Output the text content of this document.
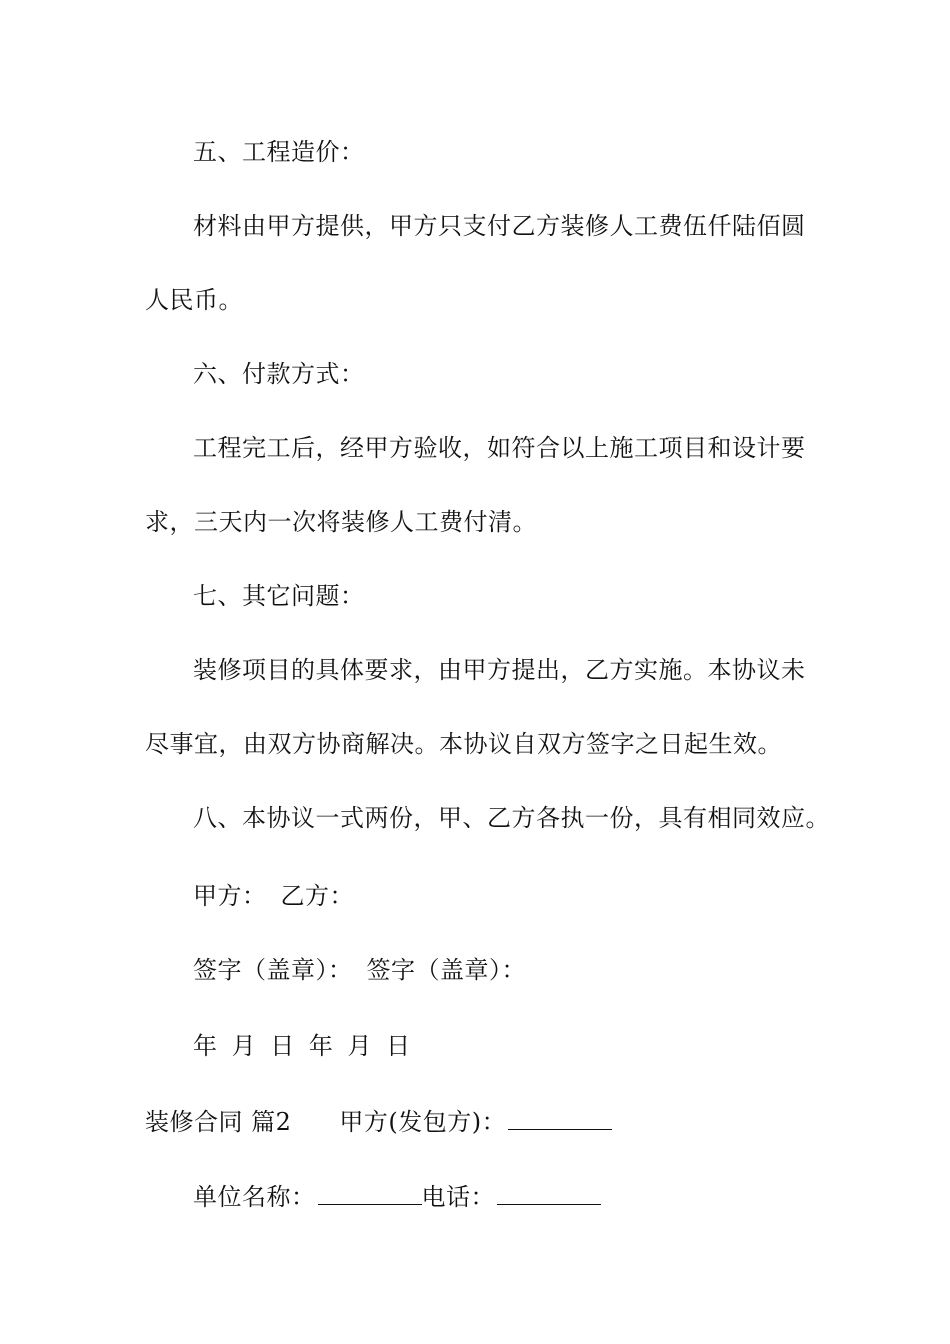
五、工程造价：
材料由甲方提供，甲方只支付乙方装修人工费伍仟陆佰圆
人民币。
六、付款方式：
工程完工后，经甲方验收，如符合以上施工项目和设计要
求，三天内一次将装修人工费付清。
七、其它问题：
装修项目的具体要求，由甲方提出，乙方实施。本协议未
尽事宜，由双方协商解决。本协议自双方签字之日起生效。
八、本协议一式两份，甲、乙方各执一份，具有相同效应。
甲方： 乙方：
签字（盖章）： 签字（盖章）：
年 月 日 年 月 日
装修合同 篇2 甲方(发包方)：
单位名称：	电话：
